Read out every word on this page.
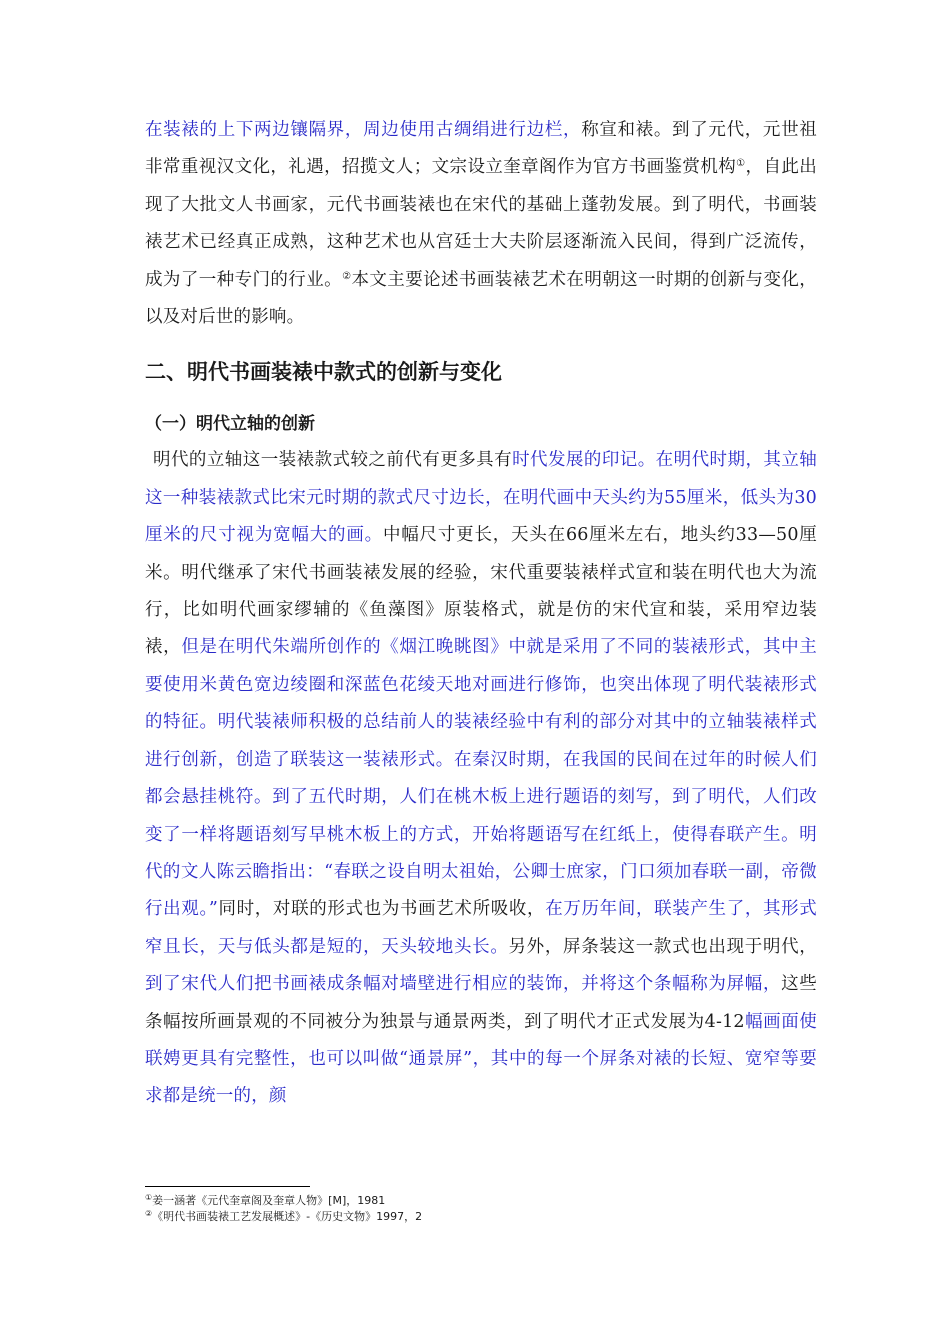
在装裱的上下两边镶隔界，周边使用古绸绢进行边栏，称宣和裱。到了元代，元世祖非常重视汉文化，礼遇，招揽文人；文宗设立奎章阁作为官方书画鉴赏机构①，自此出现了大批文人书画家，元代书画装裱也在宋代的基础上蓬勃发展。到了明代，书画装裱艺术已经真正成熟，这种艺术也从宫廷士大夫阶层逐渐流入民间，得到广泛流传，成为了一种专门的行业。②本文主要论述书画装裱艺术在明朝这一时期的创新与变化，以及对后世的影响。

二、明代书画装裱中款式的创新与变化
（一）明代立轴的创新

明代的立轴这一装裱款式较之前代有更多具有时代发展的印记。在明代时期，其立轴这一种装裱款式比宋元时期的款式尺寸边长，在明代画中天头约为55厘米，低头为30厘米的尺寸视为宽幅大的画。中幅尺寸更长，天头在66厘米左右，地头约33—50厘米。明代继承了宋代书画装裱发展的经验，宋代重要装裱样式宣和装在明代也大为流行，比如明代画家缪辅的《鱼藻图》原装格式，就是仿的宋代宣和装，采用窄边装裱，但是在明代朱端所创作的《烟江晚眺图》中就是采用了不同的装裱形式，其中主要使用米黄色宽边绫圈和深蓝色花绫天地对画进行修饰，也突出体现了明代装裱形式的特征。明代装裱师积极的总结前人的装裱经验中有利的部分对其中的立轴装裱样式进行创新，创造了联装这一装裱形式。在秦汉时期，在我国的民间在过年的时候人们都会悬挂桃符。到了五代时期，人们在桃木板上进行题语的刻写，到了明代，人们改变了一样将题语刻写早桃木板上的方式，开始将题语写在红纸上，使得春联产生。明代的文人陈云瞻指出：“春联之设自明太祖始，公卿士庶家，门口须加春联一副，帝微行出观。”同时，对联的形式也为书画艺术所吸收，在万历年间，联装产生了，其形式窄且长，天与低头都是短的，天头较地头长。另外，屏条装这一款式也出现于明代，到了宋代人们把书画裱成条幅对墙壁进行相应的装饰，并将这个条幅称为屏幅，这些条幅按所画景观的不同被分为独景与通景两类，到了明代才正式发展为4-12幅画面使联娉更具有完整性，也可以叫做“通景屏”，其中的每一个屏条对裱的长短、宽窄等要求都是统一的，颜

①姜一涵著《元代奎章阁及奎章人物》[M]，1981

②《明代书画装裱工艺发展概述》-《历史文物》1997，2
